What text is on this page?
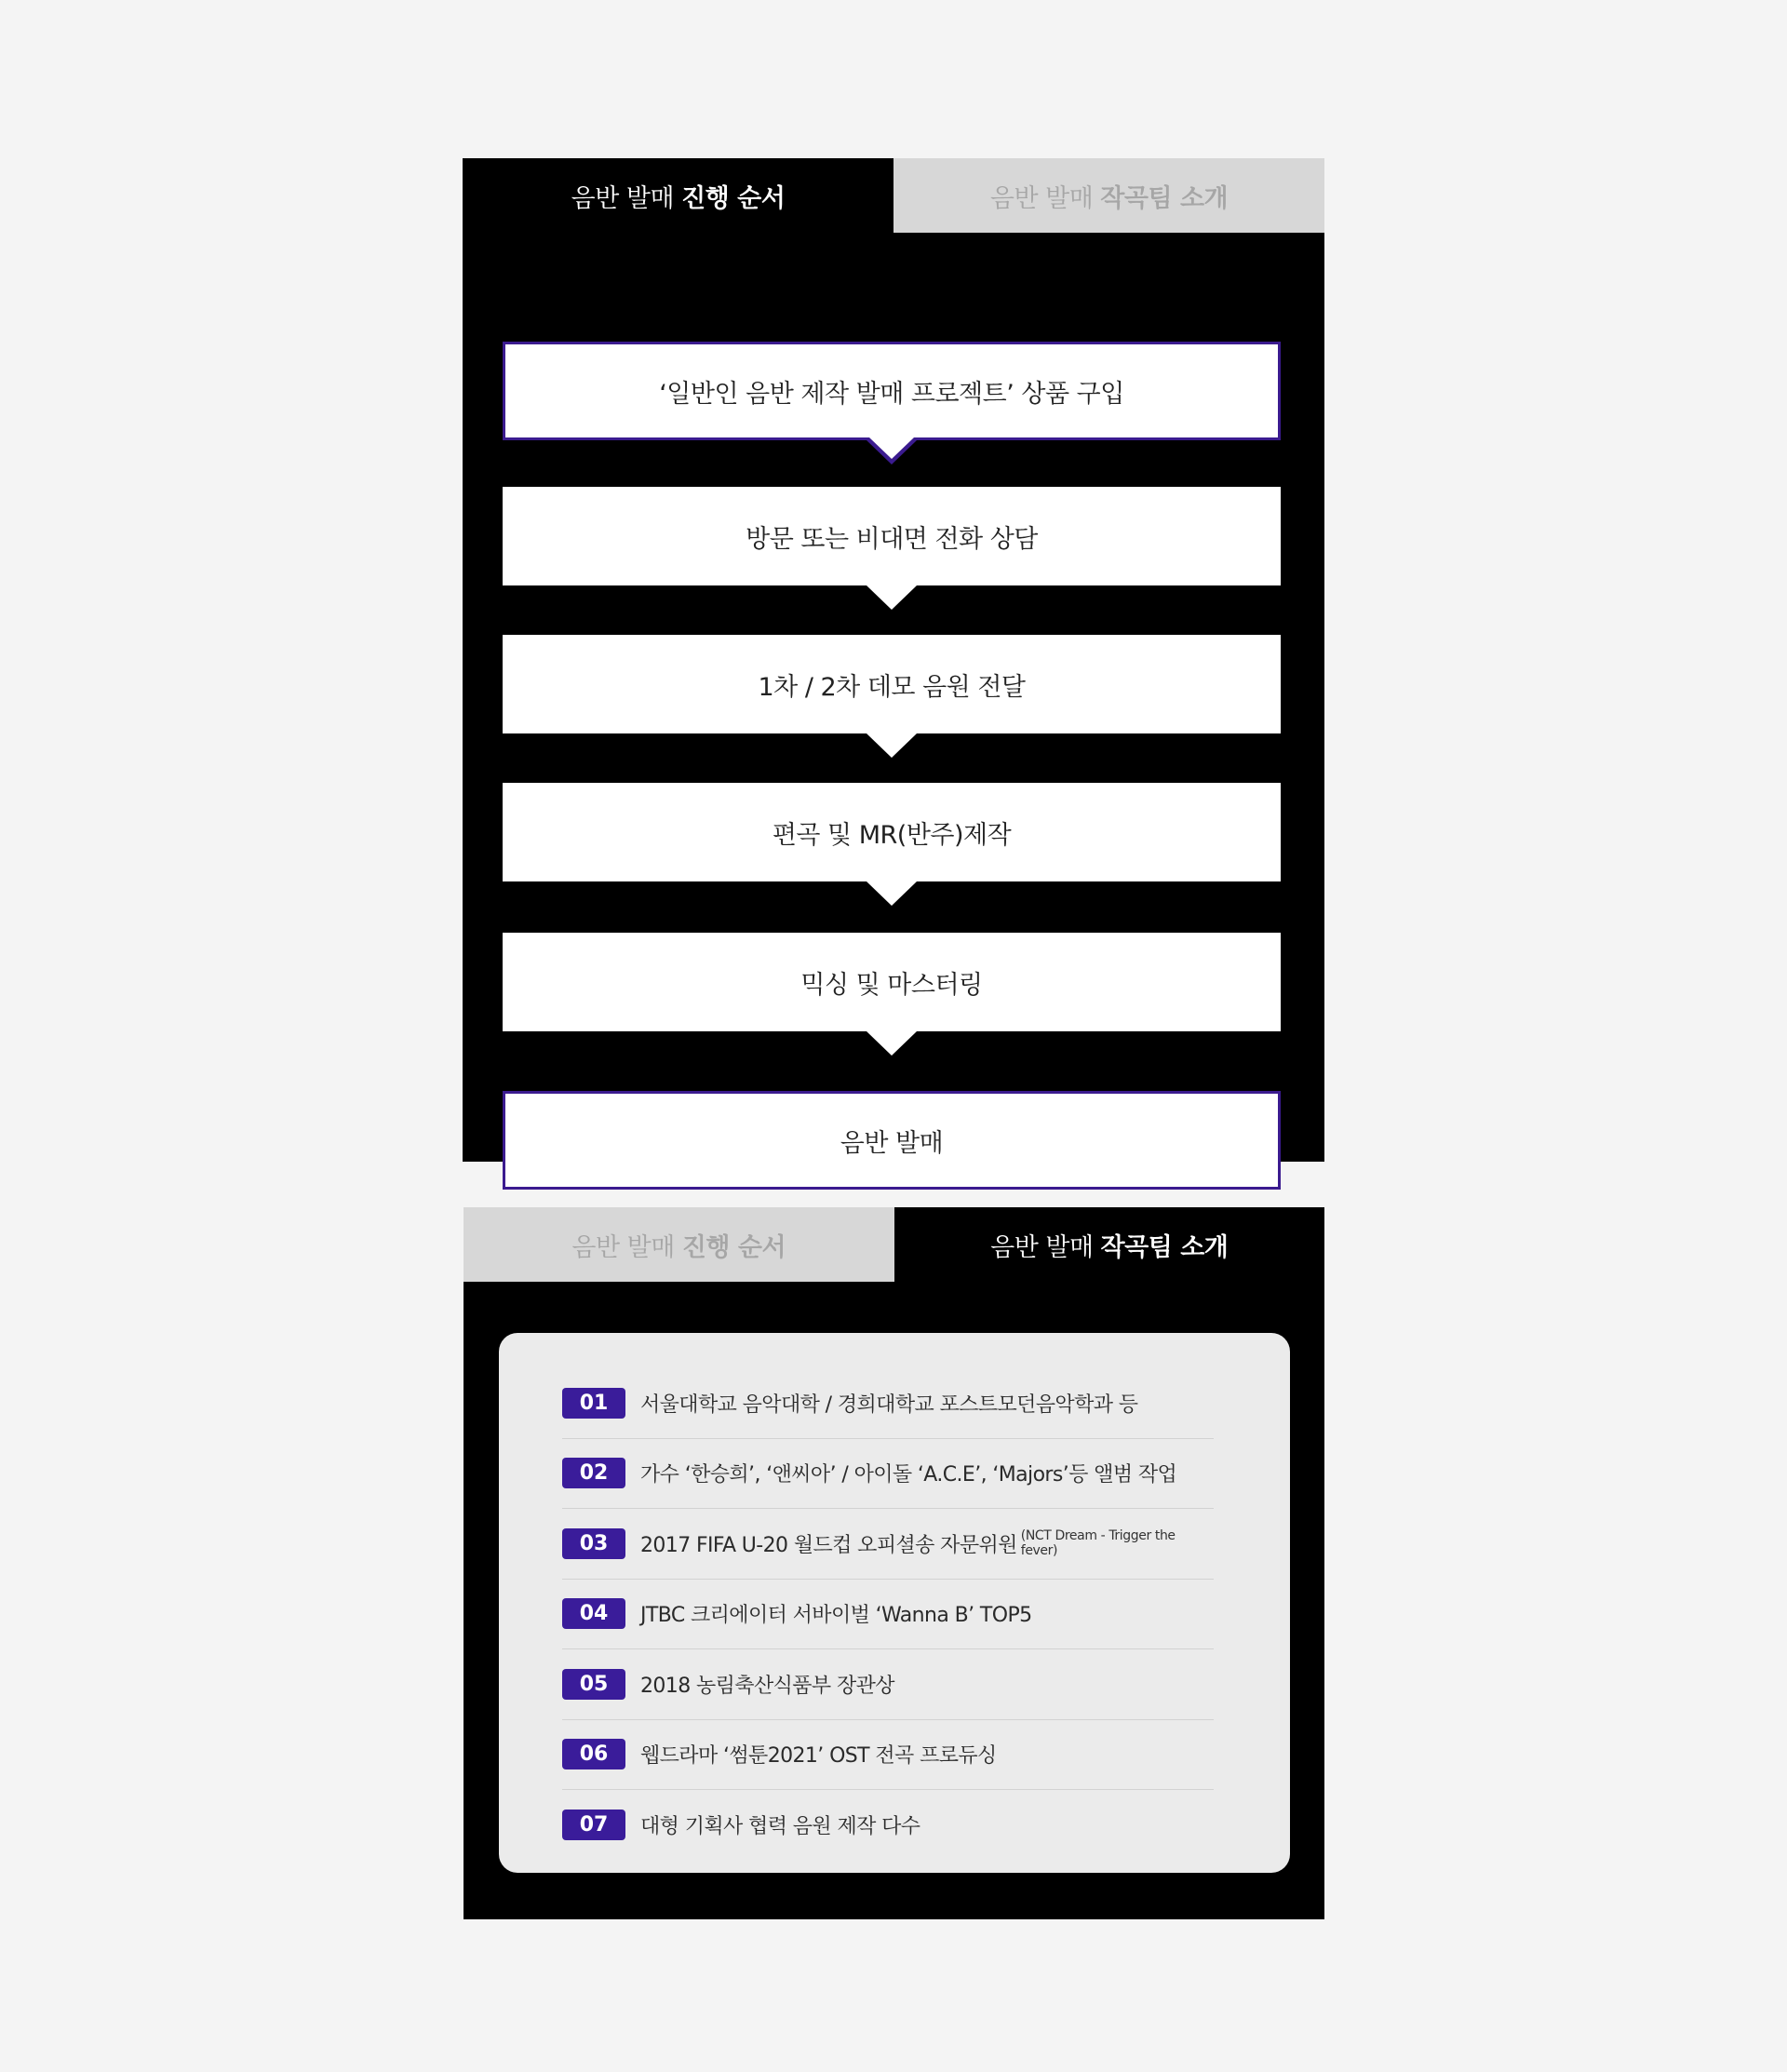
음반 발매 진행 순서	음반 발매 작곡팀 소개
‘일반인 음반 제작 발매 프로젝트’ 상품 구입
방문 또는 비대면 전화 상담
1차 / 2차 데모 음원 전달
편곡 및 MR(반주)제작
믹싱 및 마스터링
음반 발매
음반 발매 진행 순서	음반 발매 작곡팀 소개
01	서울대학교 음악대학 / 경희대학교 포스트모던음악학과 등
02	가수 ‘한승희’, ‘앤씨아’ / 아이돌 ‘A.C.E’, ‘Majors’등 앨범 작업
03	2017 FIFA U-20 월드컵 오피셜송 자문위원 (NCT Dream - Trigger the fever)
04	JTBC 크리에이터 서바이벌 ‘Wanna B’ TOP5
05	2018 농림축산식품부 장관상
06	웹드라마 ‘썸툰2021’ OST 전곡 프로듀싱
07	대형 기획사 협력 음원 제작 다수
